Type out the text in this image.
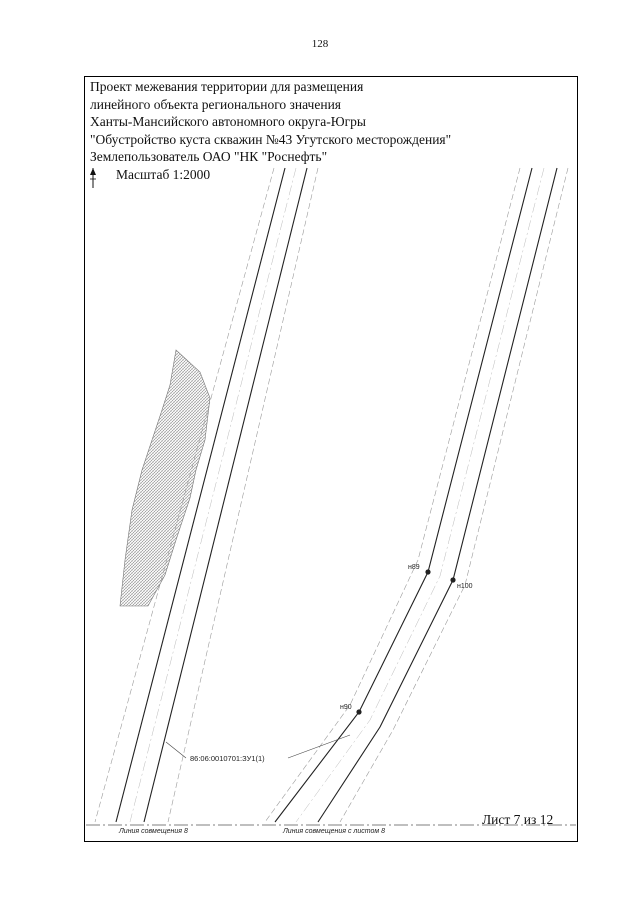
128
Проект межевания территории для размещения
линейного объекта регионального значения
Ханты-Мансийского автономного округа-Югры
"Обустройство куста скважин №43 Угутского месторождения"
Землепользователь ОАО "НК "Роснефть"
Масштаб 1:2000
н89
н100
н90
86:06:0010701:ЗУ1(1)
Линия совмещения 8	Линия совмещения с листом 8
Лист 7 из 12
